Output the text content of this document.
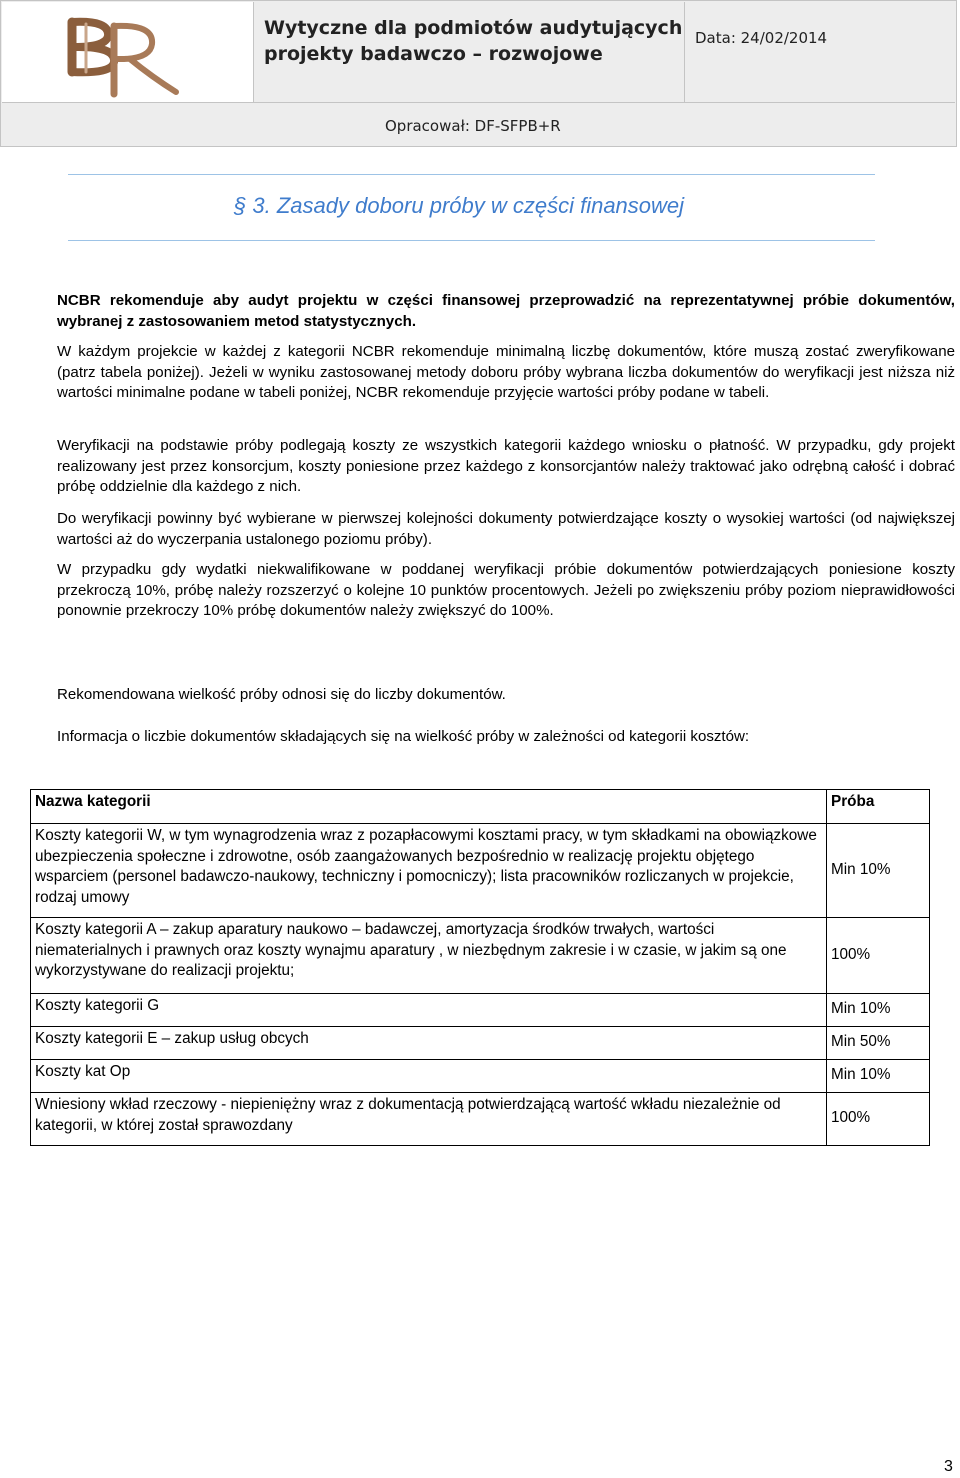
BR
Wytyczne dla podmiotów audytujących
projekty badawczo – rozwojowe
Data: 24/02/2014
Opracował: DF-SFPB+R
§ 3. Zasady doboru próby w części finansowej

NCBR rekomenduje aby audyt projektu w części finansowej przeprowadzić na reprezentatywnej próbie dokumentów, wybranej z zastosowaniem metod statystycznych.

W każdym projekcie w każdej z kategorii NCBR rekomenduje minimalną liczbę dokumentów, które muszą zostać zweryfikowane (patrz tabela poniżej). Jeżeli w wyniku zastosowanej metody doboru próby wybrana liczba dokumentów do weryfikacji jest niższa niż wartości minimalne podane w tabeli poniżej, NCBR rekomenduje przyjęcie wartości próby podane w tabeli.

Weryfikacji na podstawie próby podlegają koszty ze wszystkich kategorii każdego wniosku o płatność. W przypadku, gdy projekt realizowany jest przez konsorcjum, koszty poniesione przez każdego z konsorcjantów należy traktować jako odrębną całość i dobrać próbę oddzielnie dla każdego z nich.

Do weryfikacji powinny być wybierane w pierwszej kolejności dokumenty potwierdzające koszty o wysokiej wartości (od największej wartości aż do wyczerpania ustalonego poziomu próby).

W przypadku gdy wydatki niekwalifikowane w poddanej weryfikacji próbie dokumentów potwierdzających poniesione koszty przekroczą 10%, próbę należy rozszerzyć o kolejne 10 punktów procentowych. Jeżeli po zwiększeniu próby poziom nieprawidłowości ponownie przekroczy 10% próbę dokumentów należy zwiększyć do 100%.

Rekomendowana wielkość próby odnosi się do liczby dokumentów.

Informacja o liczbie dokumentów składających się na wielkość próby w zależności od kategorii kosztów:

Nazwa kategorii	Próba
Koszty kategorii W, w tym wynagrodzenia wraz z pozapłacowymi kosztami pracy, w tym składkami na obowiązkowe ubezpieczenia społeczne i zdrowotne, osób zaangażowanych bezpośrednio w realizację projektu objętego wsparciem (personel badawczo-naukowy, techniczny i pomocniczy); lista pracowników rozliczanych w projekcie, rodzaj umowy	Min 10%
Koszty kategorii A – zakup aparatury naukowo – badawczej, amortyzacja środków trwałych, wartości niematerialnych i prawnych oraz koszty wynajmu aparatury , w niezbędnym zakresie i w czasie, w jakim są one wykorzystywane do realizacji projektu;	100%
Koszty kategorii G	Min 10%
Koszty kategorii E – zakup usług obcych	Min 50%
Koszty kat Op	Min 10%
Wniesiony wkład rzeczowy - niepieniężny wraz z dokumentacją potwierdzającą wartość wkładu niezależnie od kategorii, w której został sprawozdany	100%
3
